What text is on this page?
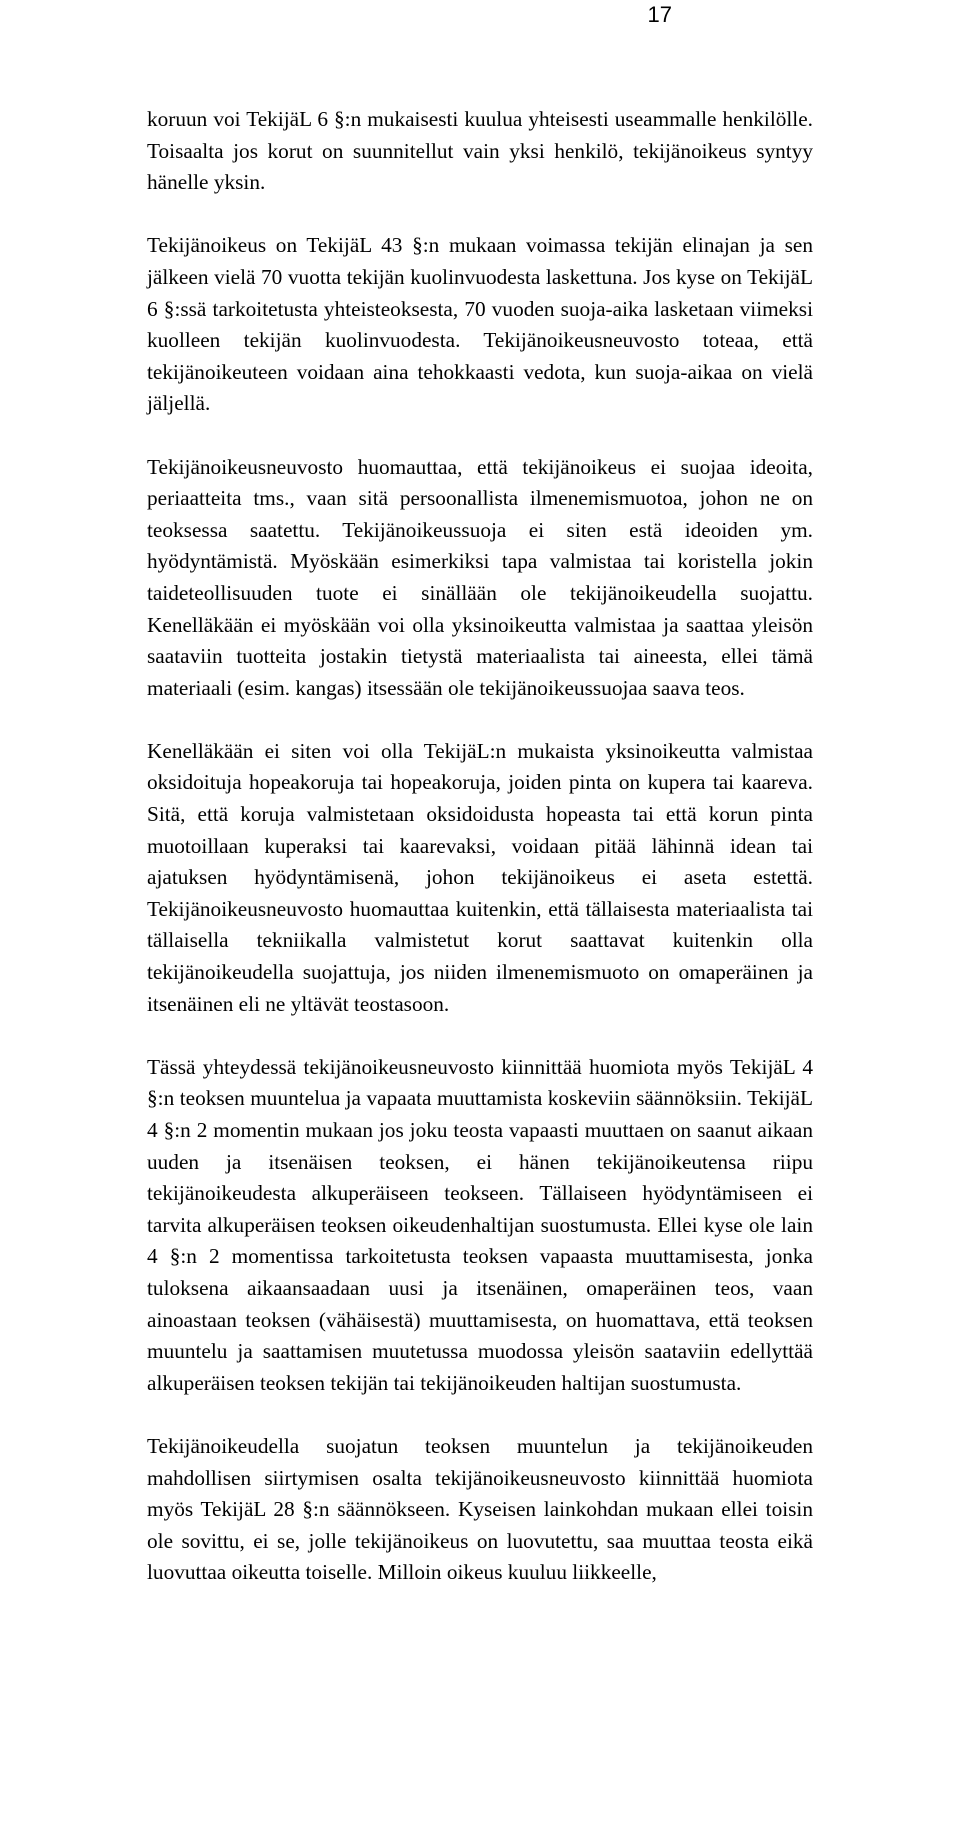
17

koruun voi TekijäL 6 §:n mukaisesti kuulua yhteisesti useammalle henkilölle. Toisaalta jos korut on suunnitellut vain yksi henkilö, tekijänoikeus syntyy hänelle yksin.

Tekijänoikeus on TekijäL 43 §:n mukaan voimassa tekijän elinajan ja sen jälkeen vielä 70 vuotta tekijän kuolinvuodesta laskettuna. Jos kyse on TekijäL 6 §:ssä tarkoitetusta yhteisteoksesta, 70 vuoden suoja-aika lasketaan viimeksi kuolleen tekijän kuolinvuodesta. Tekijänoikeusneuvosto toteaa, että tekijänoikeuteen voidaan aina tehokkaasti vedota, kun suoja-aikaa on vielä jäljellä.

Tekijänoikeusneuvosto huomauttaa, että tekijänoikeus ei suojaa ideoita, periaatteita tms., vaan sitä persoonallista ilmenemismuotoa, johon ne on teoksessa saatettu. Tekijänoikeussuoja ei siten estä ideoiden ym. hyödyntämistä. Myöskään esimerkiksi tapa valmistaa tai koristella jokin taideteollisuuden tuote ei sinällään ole tekijänoikeudella suojattu. Kenelläkään ei myöskään voi olla yksinoikeutta valmistaa ja saattaa yleisön saataviin tuotteita jostakin tietystä materiaalista tai aineesta, ellei tämä materiaali (esim. kangas) itsessään ole tekijänoikeussuojaa saava teos.

Kenelläkään ei siten voi olla TekijäL:n mukaista yksinoikeutta valmistaa oksidoituja hopeakoruja tai hopeakoruja, joiden pinta on kupera tai kaareva. Sitä, että koruja valmistetaan oksidoidusta hopeasta tai että korun pinta muotoillaan kuperaksi tai kaarevaksi, voidaan pitää lähinnä idean tai ajatuksen hyödyntämisenä, johon tekijänoikeus ei aseta estettä. Tekijänoikeusneuvosto huomauttaa kuitenkin, että tällaisesta materiaalista tai tällaisella tekniikalla valmistetut korut saattavat kuitenkin olla tekijänoikeudella suojattuja, jos niiden ilmenemismuoto on omaperäinen ja itsenäinen eli ne yltävät teostasoon.

Tässä yhteydessä tekijänoikeusneuvosto kiinnittää huomiota myös TekijäL 4 §:n teoksen muuntelua ja vapaata muuttamista koskeviin säännöksiin. TekijäL 4 §:n 2 momentin mukaan jos joku teosta vapaasti muuttaen on saanut aikaan uuden ja itsenäisen teoksen, ei hänen tekijänoikeutensa riipu tekijänoikeudesta alkuperäiseen teokseen. Tällaiseen hyödyntämiseen ei tarvita alkuperäisen teoksen oikeudenhaltijan suostumusta. Ellei kyse ole lain 4 §:n 2 momentissa tarkoitetusta teoksen vapaasta muuttamisesta, jonka tuloksena aikaansaadaan uusi ja itsenäinen, omaperäinen teos, vaan ainoastaan teoksen (vähäisestä) muuttamisesta, on huomattava, että teoksen muuntelu ja saattamisen muutetussa muodossa yleisön saataviin edellyttää alkuperäisen teoksen tekijän tai tekijänoikeuden haltijan suostumusta.

Tekijänoikeudella suojatun teoksen muuntelun ja tekijänoikeuden mahdollisen siirtymisen osalta tekijänoikeusneuvosto kiinnittää huomiota myös TekijäL 28 §:n säännökseen. Kyseisen lainkohdan mukaan ellei toisin ole sovittu, ei se, jolle tekijänoikeus on luovutettu, saa muuttaa teosta eikä luovuttaa oikeutta toiselle. Milloin oikeus kuuluu liikkeelle,
